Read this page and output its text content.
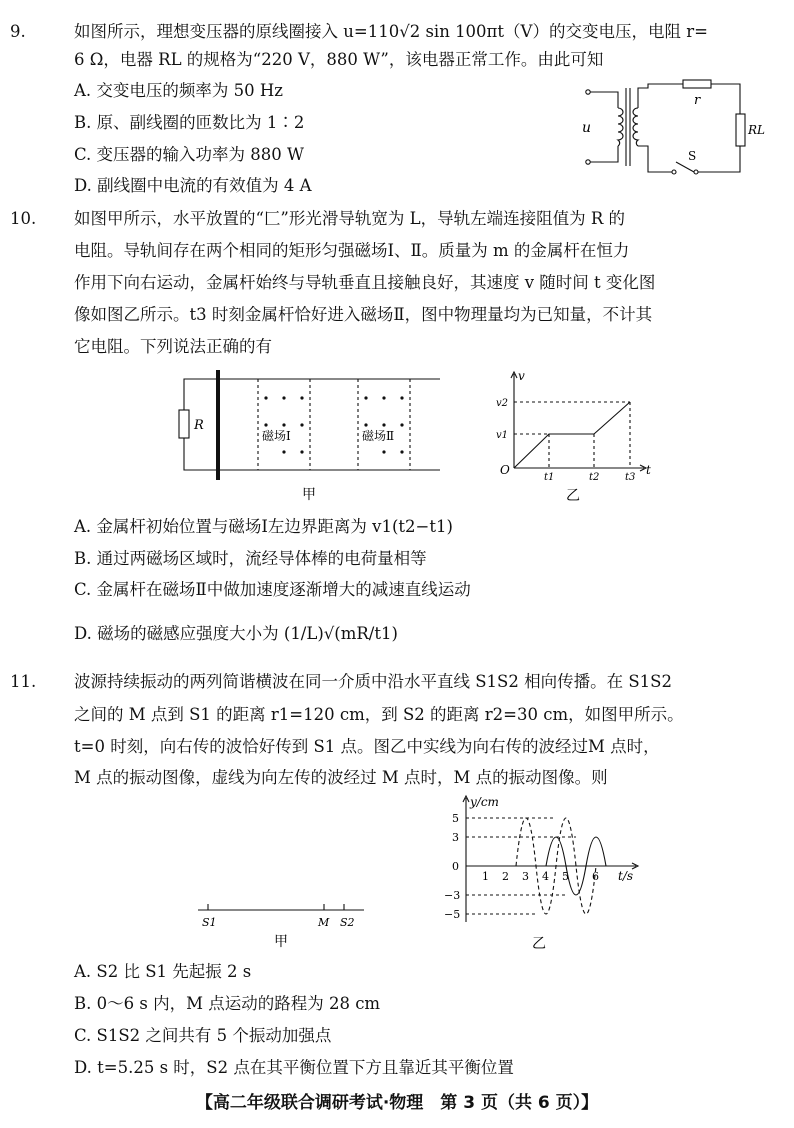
9.	如图所示，理想变压器的原线圈接入 u=110√2 sin 100πt（V）的交变电压，电阻 r=
6 Ω，电器 RL 的规格为“220 V，880 W”，该电器正常工作。由此可知
A. 交变电压的频率为 50 Hz
B. 原、副线圈的匝数比为 1∶2
C. 变压器的输入功率为 880 W
D. 副线圈中电流的有效值为 4 A
u
r
RL
S
10. 如图甲所示，水平放置的“匚”形光滑导轨宽为 L，导轨左端连接阻值为 R 的
电阻。导轨间存在两个相同的矩形匀强磁场Ⅰ、Ⅱ。质量为 m 的金属杆在恒力
作用下向右运动，金属杆始终与导轨垂直且接触良好，其速度 v 随时间 t 变化图
像如图乙所示。t3 时刻金属杆恰好进入磁场Ⅱ，图中物理量均为已知量，不计其
它电阻。下列说法正确的有
R
磁场Ⅰ	磁场Ⅱ
甲
v
v2
v1
O
t1	t2	t3
t
乙
A. 金属杆初始位置与磁场Ⅰ左边界距离为 v1(t2−t1)
B. 通过两磁场区域时，流经导体棒的电荷量相等
C. 金属杆在磁场Ⅱ中做加速度逐渐增大的减速直线运动
D. 磁场的磁感应强度大小为 (1/L)√(mR/t1)
11. 波源持续振动的两列简谐横波在同一介质中沿水平直线 S1S2 相向传播。在 S1S2
之间的 M 点到 S1 的距离 r1=120 cm，到 S2 的距离 r2=30 cm，如图甲所示。
t=0 时刻，向右传的波恰好传到 S1 点。图乙中实线为向右传的波经过M 点时，
M 点的振动图像，虚线为向左传的波经过 M 点时，M 点的振动图像。则
S1	M S2
甲
y/cm
5
3
0
−3
−5
1 2 3 4 5 6 t/s
乙
A. S2 比 S1 先起振 2 s
B. 0～6 s 内，M 点运动的路程为 28 cm
C. S1S2 之间共有 5 个振动加强点
D. t=5.25 s 时，S2 点在其平衡位置下方且靠近其平衡位置
【高二年级联合调研考试·物理　第 3 页（共 6 页）】
